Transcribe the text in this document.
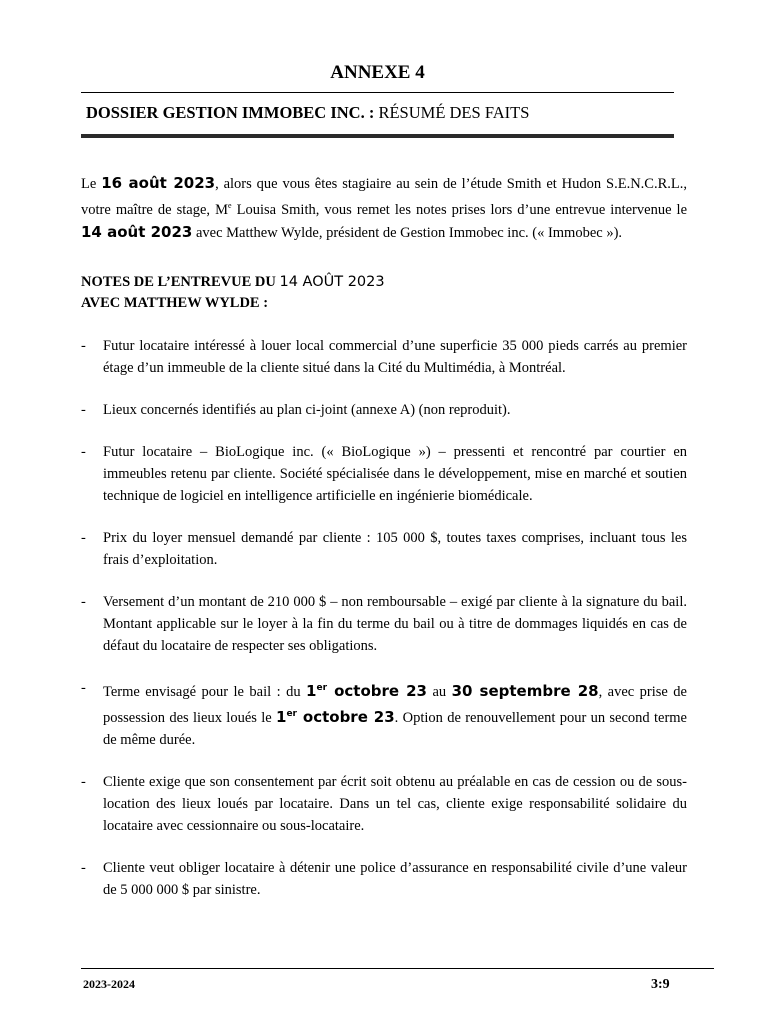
ANNEXE 4
DOSSIER GESTION IMMOBEC INC. : RÉSUMÉ DES FAITS

Le 16 août 2023, alors que vous êtes stagiaire au sein de l’étude Smith et Hudon S.E.N.C.R.L., votre maître de stage, Me Louisa Smith, vous remet les notes prises lors d’une entrevue intervenue le 14 août 2023 avec Matthew Wylde, président de Gestion Immobec inc. (« Immobec »).

NOTES DE L’ENTREVUE DU 14 AOÛT 2023
AVEC MATTHEW WYLDE :
- Futur locataire intéressé à louer local commercial d’une superficie 35 000 pieds carrés au premier étage d’un immeuble de la cliente situé dans la Cité du Multimédia, à Montréal.
- Lieux concernés identifiés au plan ci-joint (annexe A) (non reproduit).
- Futur locataire – BioLogique inc. (« BioLogique ») – pressenti et rencontré par courtier en immeubles retenu par cliente. Société spécialisée dans le développement, mise en marché et soutien technique de logiciel en intelligence artificielle en ingénierie biomédicale.
- Prix du loyer mensuel demandé par cliente : 105 000 $, toutes taxes comprises, incluant tous les frais d’exploitation.
- Versement d’un montant de 210 000 $ – non remboursable – exigé par cliente à la signature du bail. Montant applicable sur le loyer à la fin du terme du bail ou à titre de dommages liquidés en cas de défaut du locataire de respecter ses obligations.
- Terme envisagé pour le bail : du 1er octobre 23 au 30 septembre 28, avec prise de possession des lieux loués le 1er octobre 23. Option de renouvellement pour un second terme de même durée.
- Cliente exige que son consentement par écrit soit obtenu au préalable en cas de cession ou de sous-location des lieux loués par locataire. Dans un tel cas, cliente exige responsabilité solidaire du locataire avec cessionnaire ou sous-locataire.
- Cliente veut obliger locataire à détenir une police d’assurance en responsabilité civile d’une valeur de 5 000 000 $ par sinistre.
2023-2024	3:9
